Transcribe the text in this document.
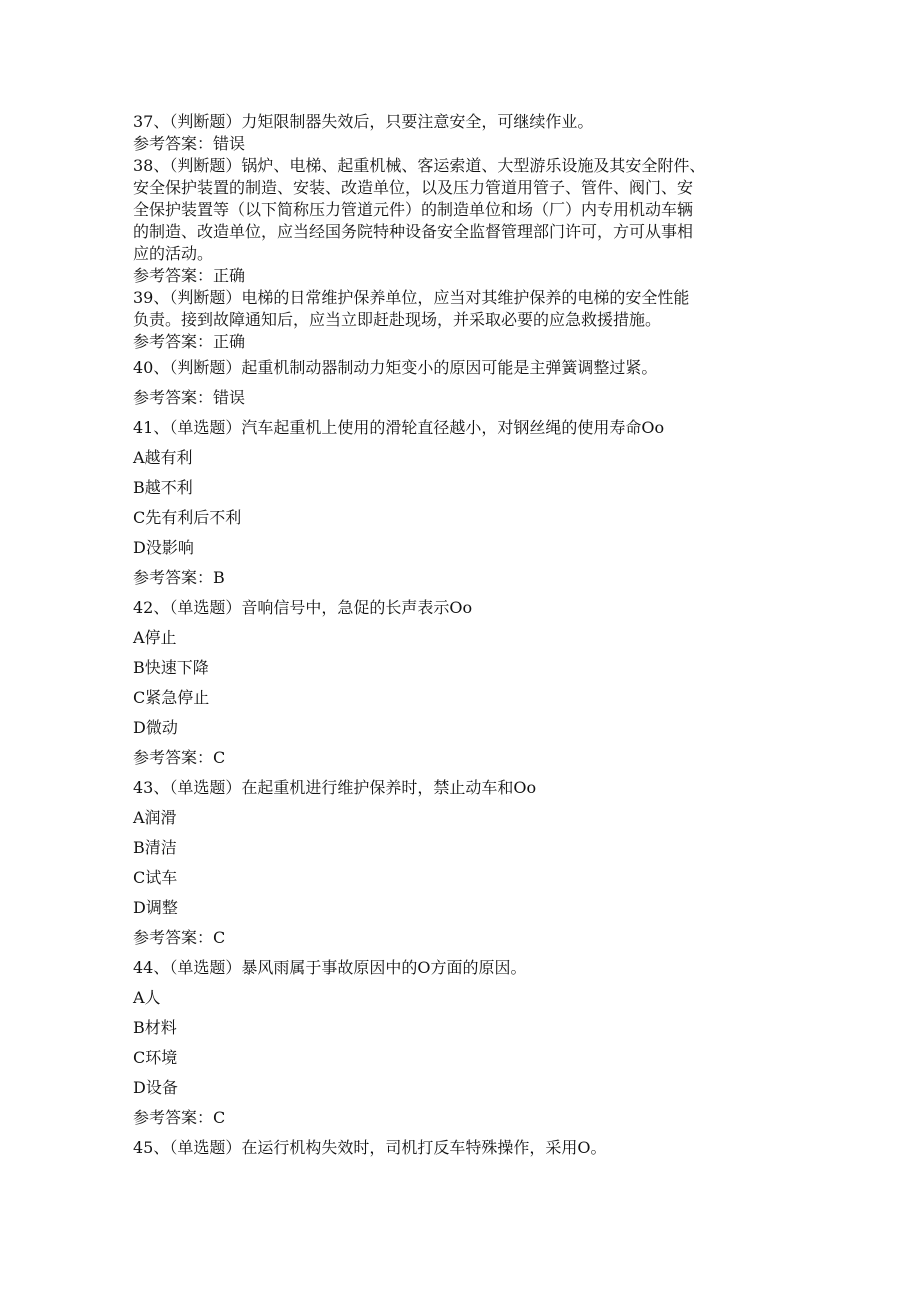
37、（判断题）力矩限制器失效后，只要注意安全，可继续作业。
参考答案：错误
38、（判断题）锅炉、电梯、起重机械、客运索道、大型游乐设施及其安全附件、
安全保护装置的制造、安装、改造单位，以及压力管道用管子、管件、阀门、安
全保护装置等（以下简称压力管道元件）的制造单位和场（厂）内专用机动车辆
的制造、改造单位，应当经国务院特种设备安全监督管理部门许可，方可从事相
应的活动。
参考答案：正确
39、（判断题）电梯的日常维护保养单位，应当对其维护保养的电梯的安全性能
负责。接到故障通知后，应当立即赶赴现场，并采取必要的应急救援措施。
参考答案：正确
40、（判断题）起重机制动器制动力矩变小的原因可能是主弹簧调整过紧。
参考答案：错误
41、（单选题）汽车起重机上使用的滑轮直径越小，对钢丝绳的使用寿命Oo
A越有利
B越不利
C先有利后不利
D没影响
参考答案：B
42、（单选题）音响信号中，急促的长声表示Oo
A停止
B快速下降
C紧急停止
D微动
参考答案：C
43、（单选题）在起重机进行维护保养时，禁止动车和Oo
A润滑
B清洁
C试车
D调整
参考答案：C
44、（单选题）暴风雨属于事故原因中的O方面的原因。
A人
B材料
C环境
D设备
参考答案：C
45、（单选题）在运行机构失效时，司机打反车特殊操作，采用O。
